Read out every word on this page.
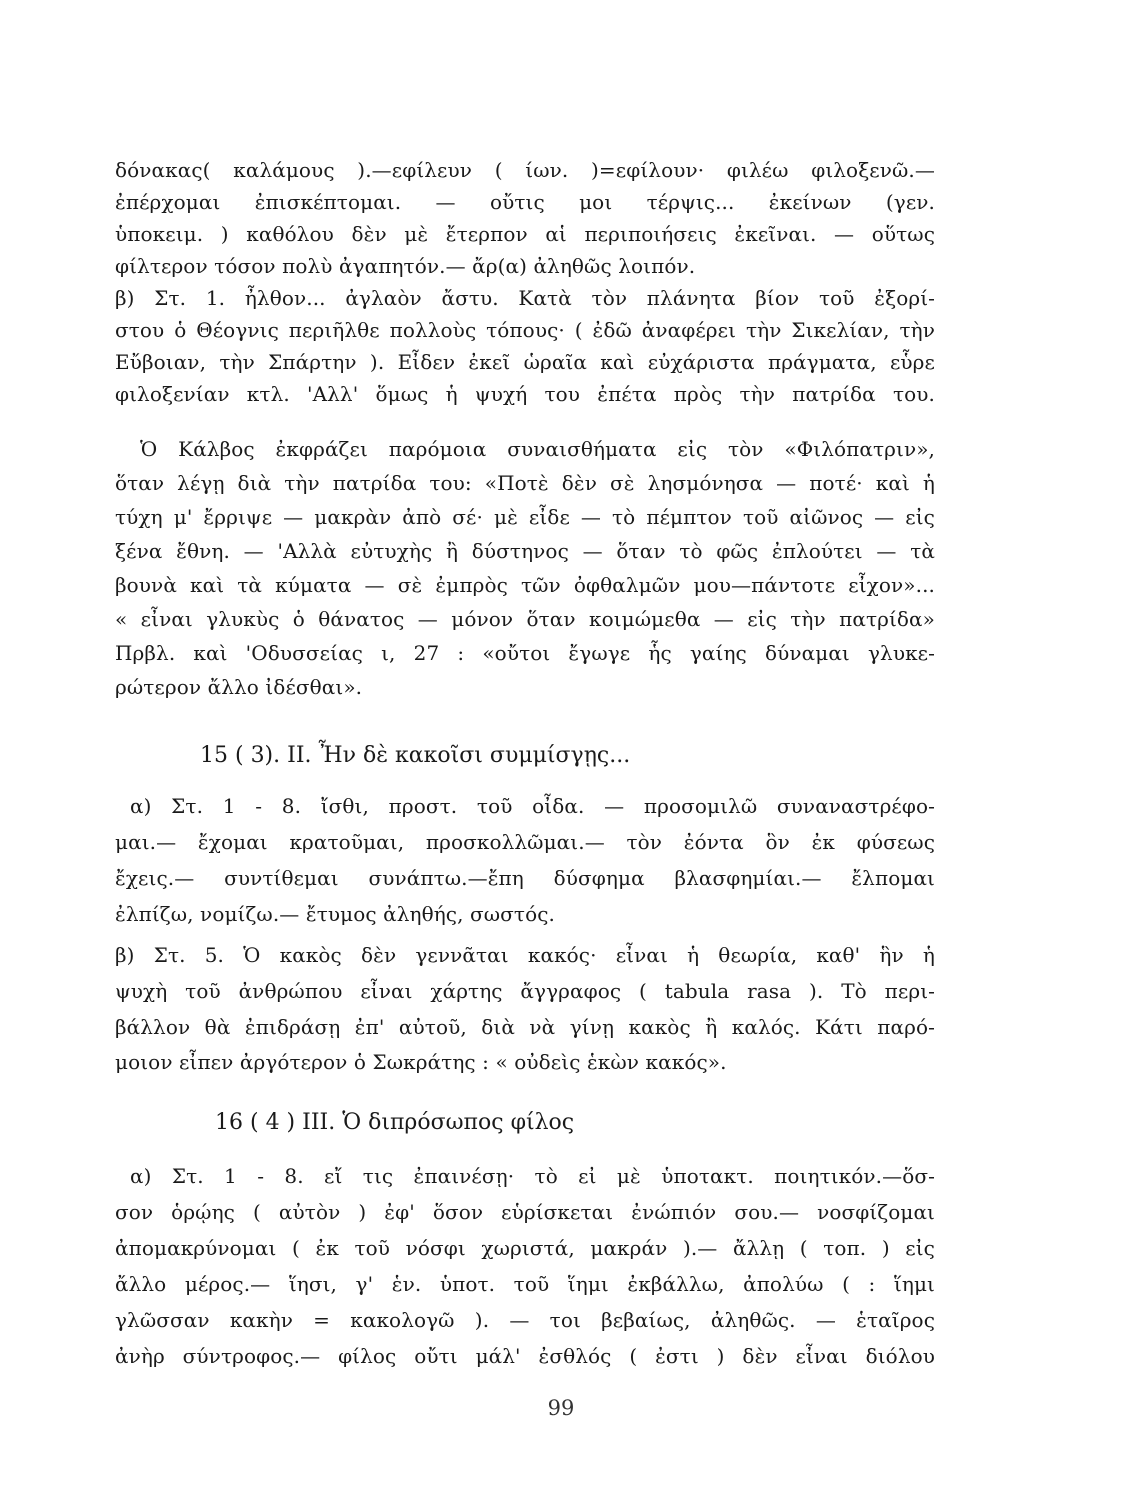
δόνακας( καλάμους ).—εφίλευν ( ίων. )=εφίλουν· φιλέω φιλοξενῶ.—
ἐπέρχομαι ἐπισκέπτομαι. — οὔτις μοι τέρψις... ἐκείνων (γεν.
ὑποκειμ. ) καθόλου δὲν μὲ ἔτερπον αἱ περιποιήσεις ἐκεῖναι. — οὕτως
φίλτερον τόσον πολὺ ἀγαπητόν.— ἄρ(α) ἀληθῶς λοιπόν.
β) Στ. 1. ἦλθον... ἀγλαὸν ἄστυ. Κατὰ τὸν πλάνητα βίον τοῦ ἐξορί-
στου ὁ Θέογνις περιῆλθε πολλοὺς τόπους· ( ἐδῶ ἀναφέρει τὴν Σικελίαν, τὴν
Εὔβοιαν, τὴν Σπάρτην ). Εἶδεν ἐκεῖ ὡραῖα καὶ εὐχάριστα πράγματα, εὗρε
φιλοξενίαν κτλ. 'Αλλ' ὅμως ἡ ψυχή του ἐπέτα πρὸς τὴν πατρίδα του.
Ὁ Κάλβος ἐκφράζει παρόμοια συναισθήματα εἰς τὸν «Φιλόπατριν»,
ὅταν λέγῃ διὰ τὴν πατρίδα του: «Ποτὲ δὲν σὲ λησμόνησα — ποτέ· καὶ ἡ
τύχη μ' ἔρριψε — μακρὰν ἀπὸ σέ· μὲ εἶδε — τὸ πέμπτον τοῦ αἰῶνος — εἰς
ξένα ἔθνη. — 'Αλλὰ εὐτυχὴς ἢ δύστηνος — ὅταν τὸ φῶς ἐπλούτει — τὰ
βουνὰ καὶ τὰ κύματα — σὲ ἐμπρὸς τῶν ὀφθαλμῶν μου—πάντοτε εἶχον»...
« εἶναι γλυκὺς ὁ θάνατος — μόνον ὅταν κοιμώμεθα — εἰς τὴν πατρίδα»
Πρβλ. καὶ 'Οδυσσείας ι, 27 : «οὔτοι ἔγωγε ἧς γαίης δύναμαι γλυκε-
ρώτερον ἄλλο ἰδέσθαι».
15 ( 3). II. Ἦν δὲ κακοῖσι συμμίσγῃς...
α) Στ. 1 - 8. ἴσθι, προστ. τοῦ οἶδα. — προσομιλῶ συναναστρέφο-
μαι.— ἔχομαι κρατοῦμαι, προσκολλῶμαι.— τὸν ἐόντα ὃν ἐκ φύσεως
ἔχεις.— συντίθεμαι συνάπτω.—ἔπη δύσφημα βλασφημίαι.— ἔλπομαι
ἐλπίζω, νομίζω.— ἔτυμος ἀληθής, σωστός.
β) Στ. 5. Ὁ κακὸς δὲν γεννᾶται κακός· εἶναι ἡ θεωρία, καθ' ἣν ἡ
ψυχὴ τοῦ ἀνθρώπου εἶναι χάρτης ἄγγραφος ( tabula rasa ). Τὸ περι-
βάλλον θὰ ἐπιδράσῃ ἐπ' αὐτοῦ, διὰ νὰ γίνῃ κακὸς ἢ καλός. Κάτι παρό-
μοιον εἶπεν ἀργότερον ὁ Σωκράτης : « οὐδεὶς ἑκὼν κακός».
16 ( 4 ) III. Ὁ διπρόσωπος φίλος
α) Στ. 1 - 8. εἴ τις ἐπαινέσῃ· τὸ εἰ μὲ ὑποτακτ. ποιητικόν.—ὅσ-
σον ὁρῴης ( αὐτὸν ) ἐφ' ὅσον εὑρίσκεται ἐνώπιόν σου.— νοσφίζομαι
ἀπομακρύνομαι ( ἐκ τοῦ νόσφι χωριστά, μακράν ).— ἄλλῃ ( τοπ. ) εἰς
ἄλλο μέρος.— ἵησι, γ' ἑν. ὑποτ. τοῦ ἵημι ἐκβάλλω, ἀπολύω ( : ἵημι
γλῶσσαν κακὴν = κακολογῶ ). — τοι βεβαίως, ἀληθῶς. — ἑταῖρος
ἀνὴρ σύντροφος.— φίλος οὔτι μάλ' ἐσθλός ( ἐστι ) δὲν εἶναι διόλου
99
